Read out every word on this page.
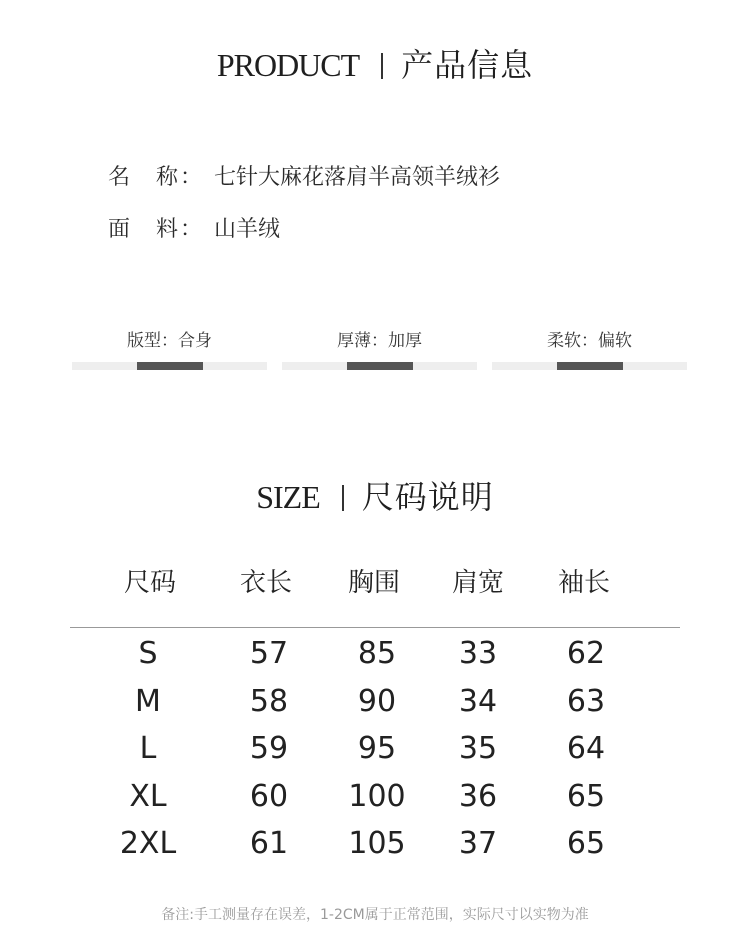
PRODUCT 产品信息
名　称： 七针大麻花落肩半高领羊绒衫
面　料： 山羊绒
版型：合身	厚薄：加厚	柔软：偏软
SIZE 尺码说明
尺码	衣长	胸围	肩宽	袖长
S	57	85	33	62
M	58	90	34	63
L	59	95	35	64
XL	60	100	36	65
2XL	61	105	37	65
备注:手工测量存在误差，1-2CM属于正常范围，实际尺寸以实物为准
